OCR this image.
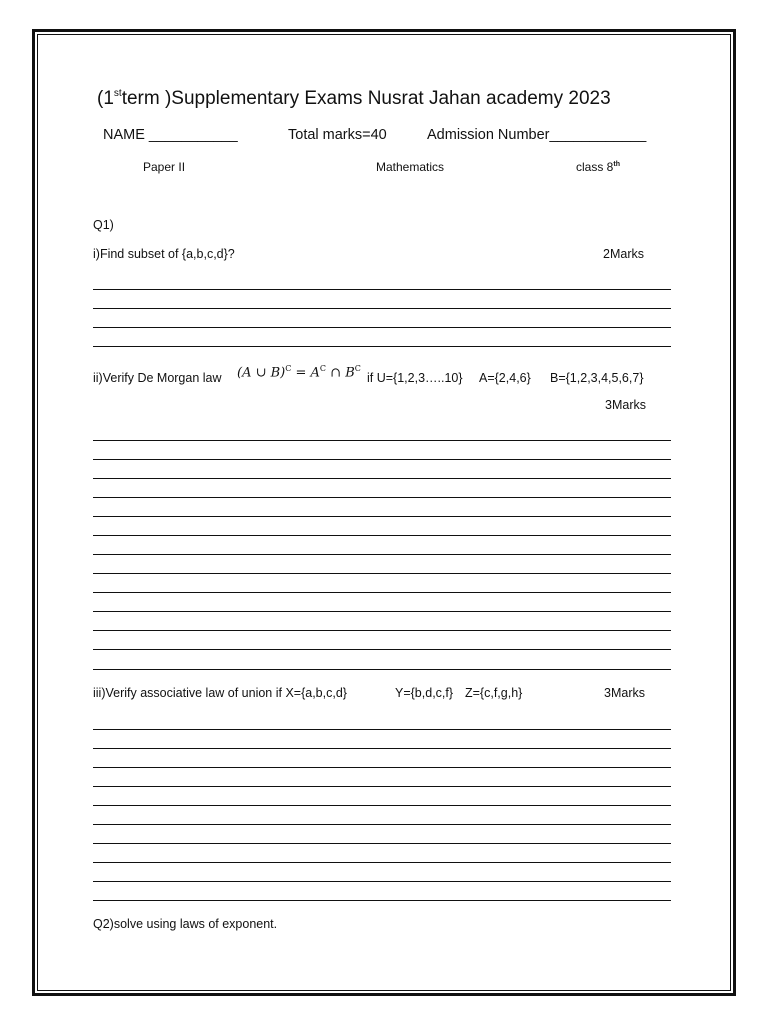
(1stterm )Supplementary Exams Nusrat Jahan academy 2023
NAME ___________	Total marks=40	Admission Number____________
Paper II	Mathematics	class 8th
Q1)
i)Find subset of {a,b,c,d}?	2Marks
ii)Verify De Morgan law (A ∪ $B)^C = A^C$ ∩ $B^C$
if U={1,2,3…..10} A={2,4,6} B={1,2,3,4,5,6,7}
3Marks
iii)Verify associative law of union if X={a,b,c,d}	Y={b,d,c,f} Z={c,f,g,h}	3Marks
Q2)solve using laws of exponent.
